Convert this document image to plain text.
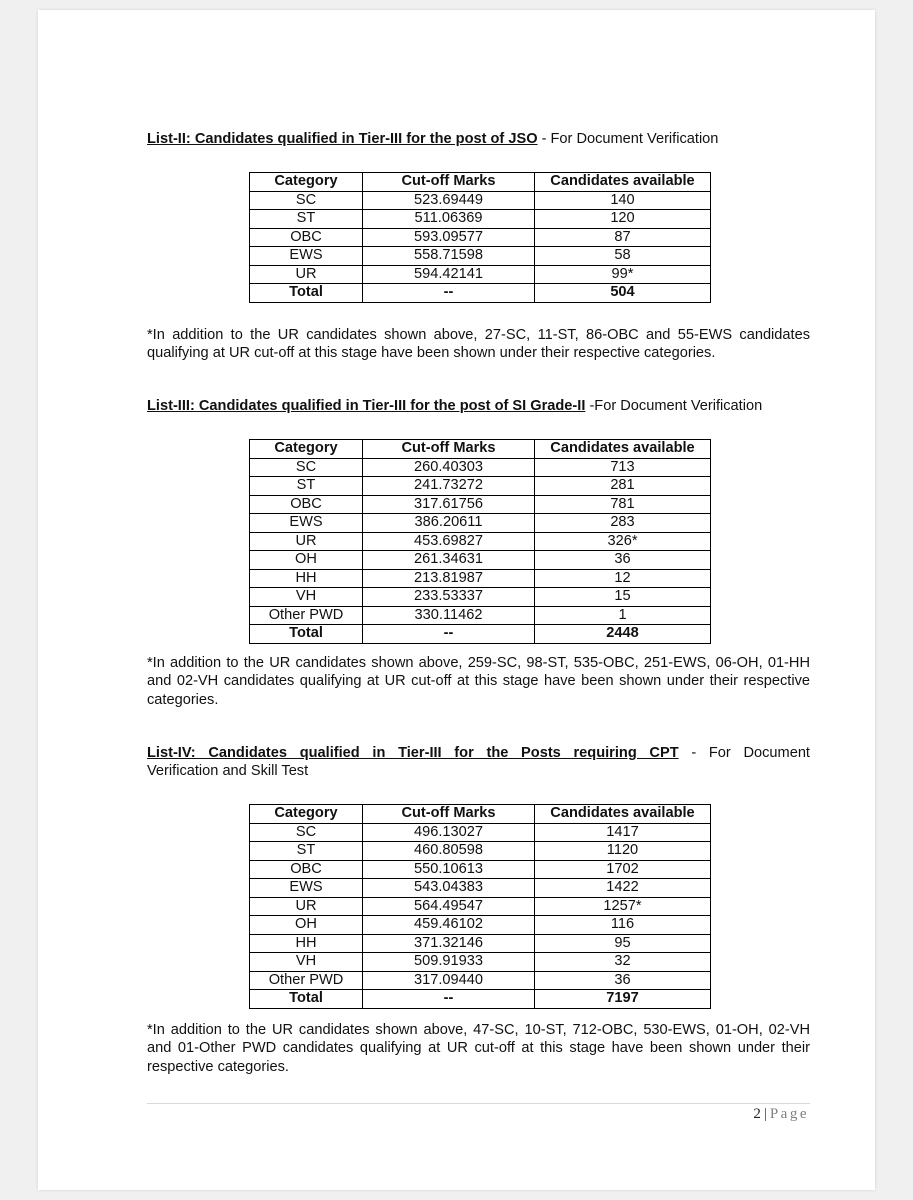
List-II: Candidates qualified in Tier-III for the post of JSO - For Document Verification

Category	Cut-off Marks	Candidates available
SC	523.69449	140
ST	511.06369	120
OBC	593.09577	87
EWS	558.71598	58
UR	594.42141	99*
Total	--	504

*In addition to the UR candidates shown above, 27-SC, 11-ST, 86-OBC and 55-EWS candidates qualifying at UR cut-off at this stage have been shown under their respective categories.

List-III: Candidates qualified in Tier-III for the post of SI Grade-II -For Document Verification

Category	Cut-off Marks	Candidates available
SC	260.40303	713
ST	241.73272	281
OBC	317.61756	781
EWS	386.20611	283
UR	453.69827	326*
OH	261.34631	36
HH	213.81987	12
VH	233.53337	15
Other PWD	330.11462	1
Total	--	2448

*In addition to the UR candidates shown above, 259-SC, 98-ST, 535-OBC, 251-EWS, 06-OH, 01-HH and 02-VH candidates qualifying at UR cut-off at this stage have been shown under their respective categories.

List-IV: Candidates qualified in Tier-III for the Posts requiring CPT - For Document

Verification and Skill Test

Category	Cut-off Marks	Candidates available
SC	496.13027	1417
ST	460.80598	1120
OBC	550.10613	1702
EWS	543.04383	1422
UR	564.49547	1257*
OH	459.46102	116
HH	371.32146	95
VH	509.91933	32
Other PWD	317.09440	36
Total	--	7197

*In addition to the UR candidates shown above, 47-SC, 10-ST, 712-OBC, 530-EWS, 01-OH, 02-VH and 01-Other PWD candidates qualifying at UR cut-off at this stage have been shown under their respective categories.

2 | Page
